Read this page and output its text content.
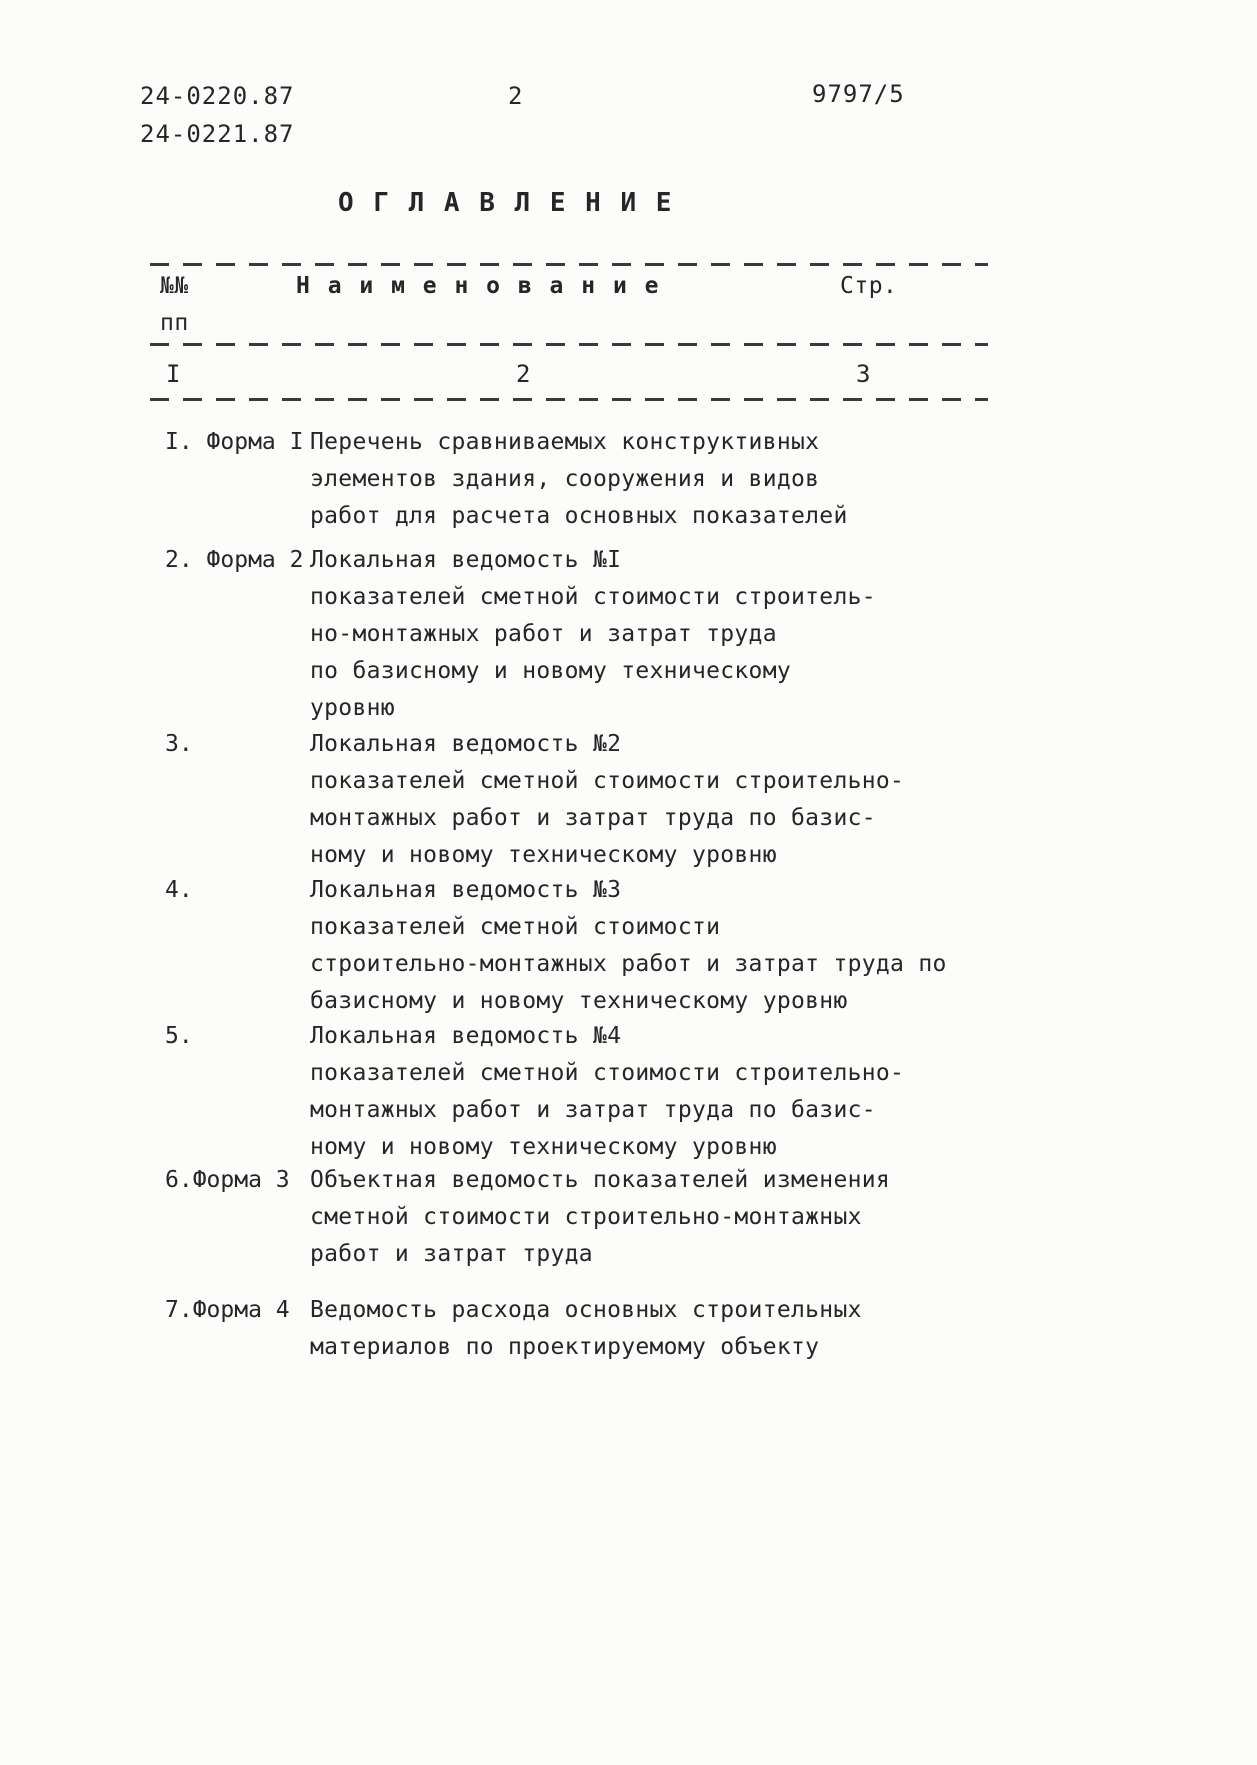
24-0220.87
24-0221.87
2	9797/5
О Г Л А В Л Е Н И Е
№№
пп
Н а и м е н о в а н и е	Стр.
I	2	3
I. Форма I Перечень сравниваемых конструктивных
элементов здания, сооружения и видов
работ для расчета основных показателей
2. Форма 2 Локальная ведомость №I
показателей сметной стоимости строитель-
но-монтажных работ и затрат труда
по базисному и новому техническому
уровню
3.	Локальная ведомость №2
показателей сметной стоимости строительно-
монтажных работ и затрат труда по базис-
ному и новому техническому уровню
4.	Локальная ведомость №3
показателей сметной стоимости
строительно-монтажных работ и затрат труда по
базисному и новому техническому уровню
5.	Локальная ведомость №4
показателей сметной стоимости строительно-
монтажных работ и затрат труда по базис-
ному и новому техническому уровню
6.Форма 3 Объектная ведомость показателей изменения
сметной стоимости строительно-монтажных
работ и затрат труда
7.Форма 4 Ведомость расхода основных строительных
материалов по проектируемому объекту
